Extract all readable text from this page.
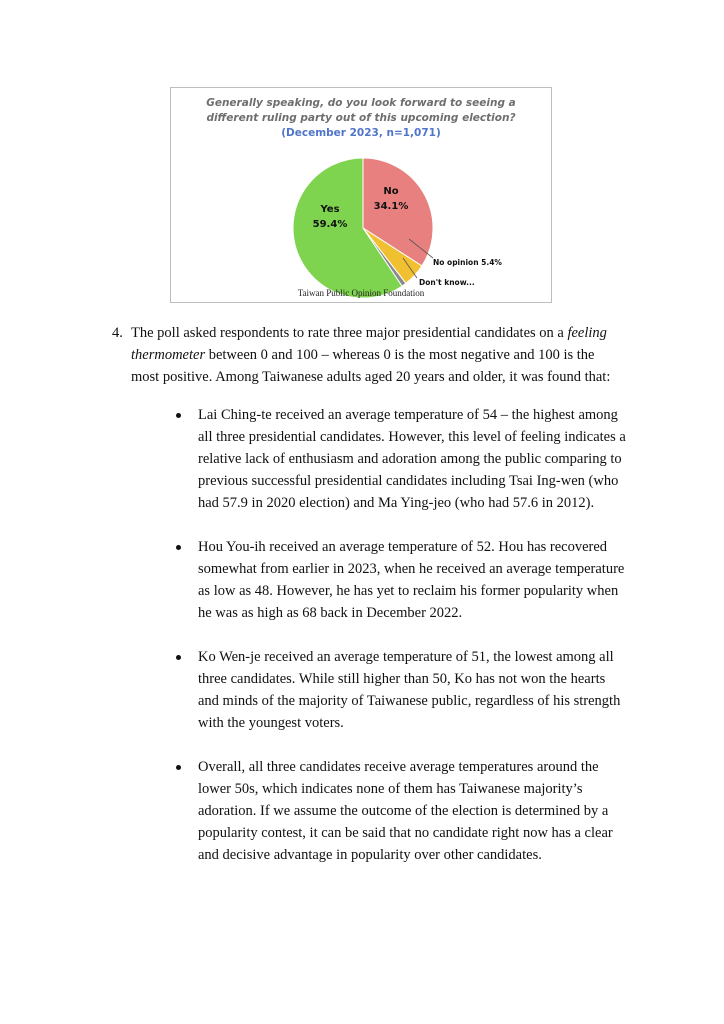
Generally speaking, do you look forward to seeing a
different ruling party out of this upcoming election?
(December 2023, n=1,071)
Yes
59.4%
No
34.1%
No opinion 5.4%
Don't know...
Taiwan Public Opinion Foundation
4. The poll asked respondents to rate three major presidential candidates on a feeling thermometer between 0 and 100 – whereas 0 is the most negative and 100 is the most positive. Among Taiwanese adults aged 20 years and older, it was found that:

Lai Ching-te received an average temperature of 54 – the highest among all three presidential candidates. However, this level of feeling indicates a relative lack of enthusiasm and adoration among the public comparing to previous successful presidential candidates including Tsai Ing-wen (who had 57.9 in 2020 election) and Ma Ying-jeo (who had 57.6 in 2012).

Hou You-ih received an average temperature of 52. Hou has recovered somewhat from earlier in 2023, when he received an average temperature as low as 48. However, he has yet to reclaim his former popularity when he was as high as 68 back in December 2022.

Ko Wen-je received an average temperature of 51, the lowest among all three candidates. While still higher than 50, Ko has not won the hearts and minds of the majority of Taiwanese public, regardless of his strength with the youngest voters.

Overall, all three candidates receive average temperatures around the lower 50s, which indicates none of them has Taiwanese majority’s adoration. If we assume the outcome of the election is determined by a popularity contest, it can be said that no candidate right now has a clear and decisive advantage in popularity over other candidates.
